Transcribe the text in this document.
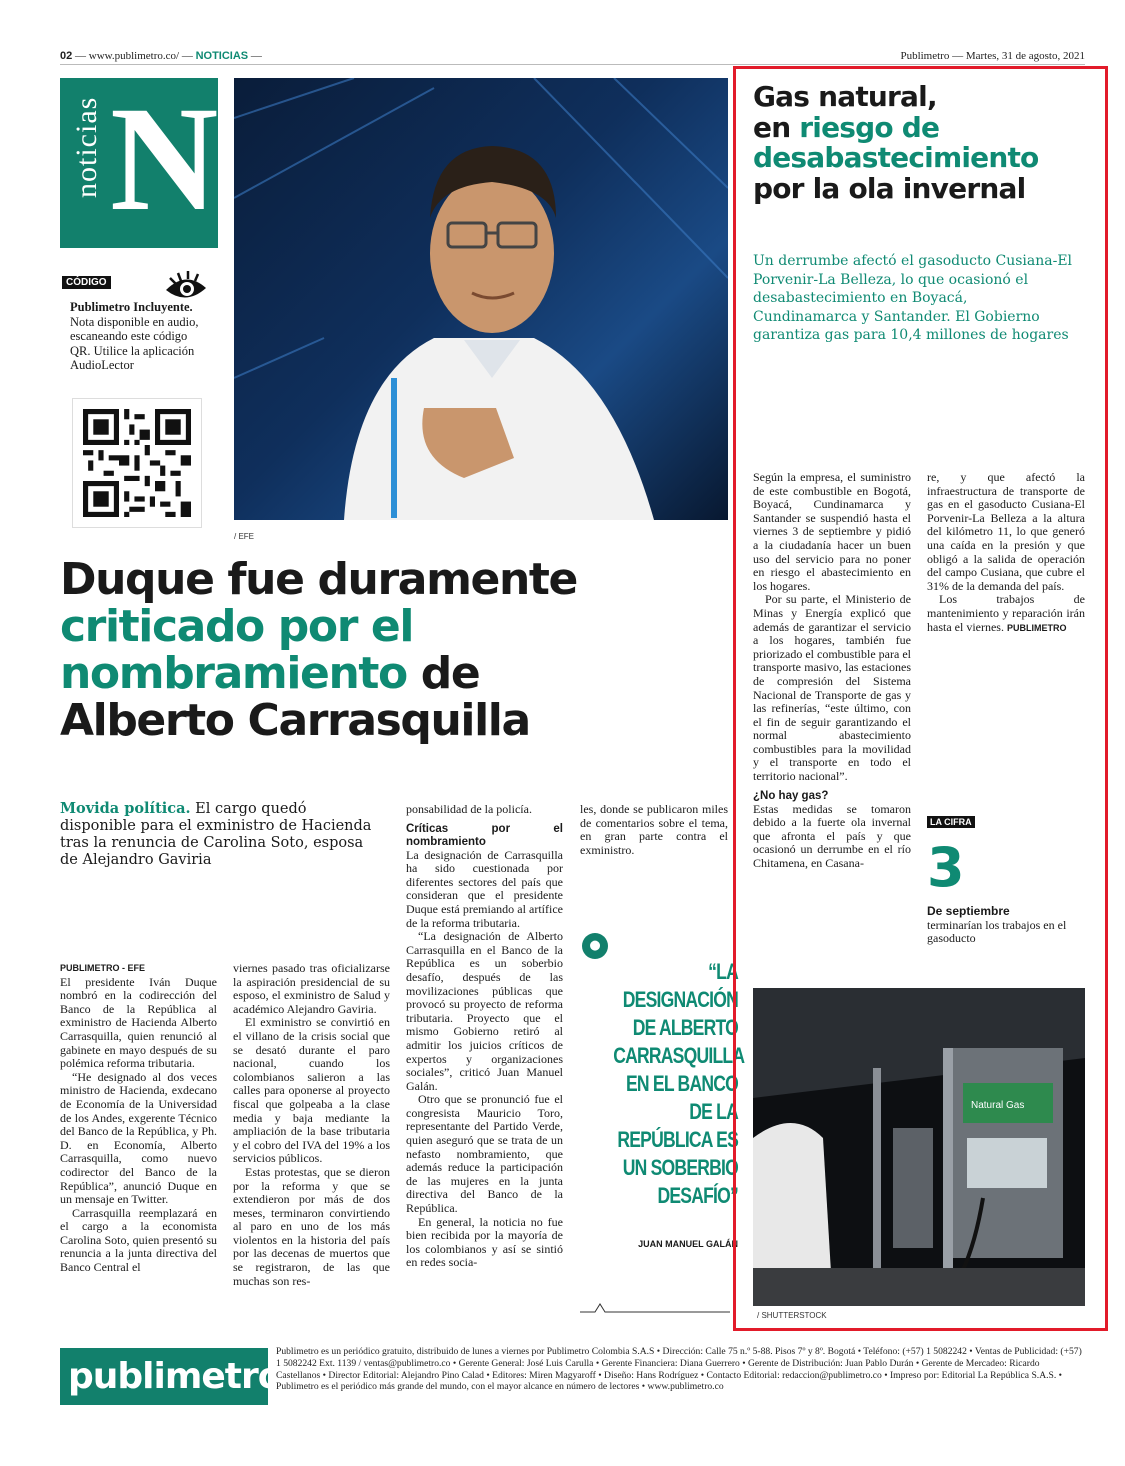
02 — www.publimetro.co/ — NOTICIAS —	Publimetro — Martes, 31 de agosto, 2021
noticias N
CÓDIGO
Publimetro Incluyente. Nota disponible en audio, escaneando este código QR. Utilice la aplicación AudioLector
/ EFE
Duque fue duramente
criticado por el
nombramiento de
Alberto Carrasquilla
Movida política. El cargo quedó disponible para el exministro de Hacienda tras la renuncia de Carolina Soto, esposa de Alejandro Gaviria
PUBLIMETRO - EFE

El presidente Iván Duque nombró en la codirección del Banco de la República al exministro de Hacienda Alberto Carrasquilla, quien renunció al gabinete en mayo después de su polémica reforma tributaria.

“He designado al dos veces ministro de Hacienda, exdecano de Economía de la Universidad de los Andes, exgerente Técnico del Banco de la República, y Ph. D. en Economía, Alberto Carrasquilla, como nuevo codirector del Banco de la República”, anunció Duque en un mensaje en Twitter.

Carrasquilla reemplazará en el cargo a la economista Carolina Soto, quien presentó su renuncia a la junta directiva del Banco Central el

viernes pasado tras oficializarse la aspiración presidencial de su esposo, el exministro de Salud y académico Alejandro Gaviria.

El exministro se convirtió en el villano de la crisis social que se desató durante el paro nacional, cuando los colombianos salieron a las calles para oponerse al proyecto fiscal que golpeaba a la clase media y baja mediante la ampliación de la base tributaria y el cobro del IVA del 19% a los servicios públicos.

Estas protestas, que se dieron por la reforma y que se extendieron por más de dos meses, terminaron convirtiendo al paro en uno de los más violentos en la historia del país por las decenas de muertos que se registraron, de las que muchas son res-

ponsabilidad de la policía.

Críticas por el nombramiento

La designación de Carrasquilla ha sido cuestionada por diferentes sectores del país que consideran que el presidente Duque está premiando al artífice de la reforma tributaria.

“La designación de Alberto Carrasquilla en el Banco de la República es un soberbio desafío, después de las movilizaciones públicas que provocó su proyecto de reforma tributaria. Proyecto que el mismo Gobierno retiró al admitir los juicios críticos de expertos y organizaciones sociales”, criticó Juan Manuel Galán.

Otro que se pronunció fue el congresista Mauricio Toro, representante del Partido Verde, quien aseguró que se trata de un nefasto nombramiento, que además reduce la participación de las mujeres en la junta directiva del Banco de la República.

En general, la noticia no fue bien recibida por la mayoría de los colombianos y así se sintió en redes socia-

les, donde se publicaron miles de comentarios sobre el tema, en gran parte contra el exministro.

●
“LA DESIGNACIÓN DE ALBERTO CARRASQUILLA EN EL BANCO DE LA REPÚBLICA ES UN SOBERBIO DESAFÍO”
JUAN MANUEL GALÁN
Gas natural,
en riesgo de
desabastecimiento
por la ola invernal
Un derrumbe afectó el gasoducto Cusiana-El Porvenir-La Belleza, lo que ocasionó el desabastecimiento en Boyacá, Cundinamarca y Santander. El Gobierno garantiza gas para 10,4 millones de hogares

Según la empresa, el suministro de este combustible en Bogotá, Boyacá, Cundinamarca y Santander se suspendió hasta el viernes 3 de septiembre y pidió a la ciudadanía hacer un buen uso del servicio para no poner en riesgo el abastecimiento en los hogares.

Por su parte, el Ministerio de Minas y Energía explicó que además de garantizar el servicio a los hogares, también fue priorizado el combustible para el transporte masivo, las estaciones de compresión del Sistema Nacional de Transporte de gas y las refinerías, “este último, con el fin de seguir garantizando el normal abastecimiento combustibles para la movilidad y el transporte en todo el territorio nacional”.

¿No hay gas?

Estas medidas se tomaron debido a la fuerte ola invernal que afronta el país y que ocasionó un derrumbe en el río Chitamena, en Casana-

re, y que afectó la infraestructura de transporte de gas en el gasoducto Cusiana-El Porvenir-La Belleza a la altura del kilómetro 11, lo que generó una caída en la presión y que obligó a la salida de operación del campo Cusiana, que cubre el 31% de la demanda del país.

Los trabajos de mantenimiento y reparación irán hasta el viernes. PUBLIMETRO

LA CIFRA
3
De septiembre
terminarían los trabajos en el gasoducto
Natural Gas
/ SHUTTERSTOCK
publimetro
Publimetro es un periódico gratuito, distribuido de lunes a viernes por Publimetro Colombia S.A.S • Dirección: Calle 75 n.º 5-88. Pisos 7º y 8º. Bogotá • Teléfono: (+57) 1 5082242 • Ventas de Publicidad: (+57) 1 5082242 Ext. 1139 / ventas@publimetro.co • Gerente General: José Luis Carulla • Gerente Financiera: Diana Guerrero • Gerente de Distribución: Juan Pablo Durán • Gerente de Mercadeo: Ricardo Castellanos • Director Editorial: Alejandro Pino Calad • Editores: Miren Magyaroff • Diseño: Hans Rodríguez • Contacto Editorial: redaccion@publimetro.co • Impreso por: Editorial La República S.A.S. • Publimetro es el periódico más grande del mundo, con el mayor alcance en número de lectores • www.publimetro.co
